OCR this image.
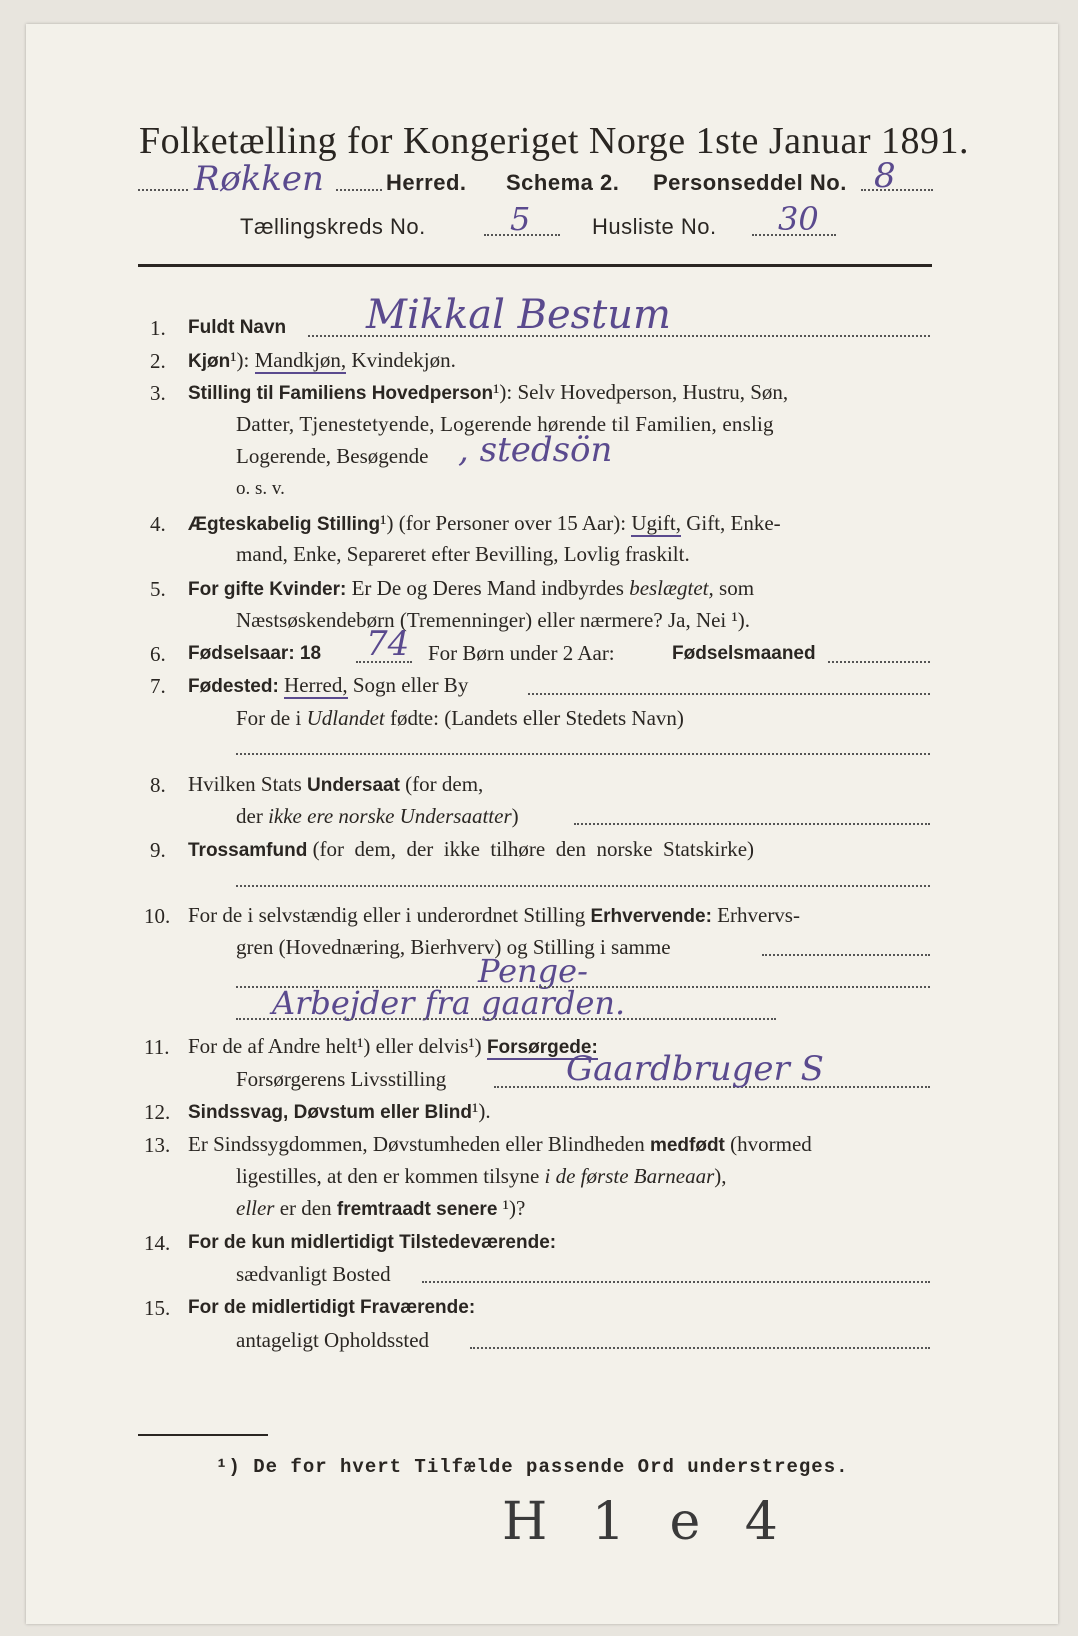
Folketælling for Kongeriget Norge 1ste Januar 1891.
Røkken	Herred. Schema 2. Personseddel No. 8
Tællingskreds No.	5	Husliste No. 30
1. Fuldt Navn Mikkal Bestum
2. Kjøn¹): Mandkjøn, Kvindekjøn.
3. Stilling til Familiens Hovedperson¹): Selv Hovedperson, Hustru, Søn,
Datter, Tjenestetyende, Logerende hørende til Familien, enslig
Logerende, Besøgende , stedsön
o. s. v.
4. Ægteskabelig Stilling¹) (for Personer over 15 Aar): Ugift, Gift, Enke-
mand, Enke, Separeret efter Bevilling, Lovlig fraskilt.
5. For gifte Kvinder: Er De og Deres Mand indbyrdes beslægtet, som
Næstsøskendebørn (Tremenninger) eller nærmere? Ja, Nei ¹).
6. Fødselsaar: 18 74 For Børn under 2 Aar:	Fødselsmaaned
7. Fødested: Herred, Sogn eller By
For de i Udlandet fødte: (Landets eller Stedets Navn)
8. Hvilken Stats Undersaat (for dem,
der ikke ere norske Undersaatter)
9. Trossamfund (for  dem,  der  ikke  tilhøre  den  norske  Statskirke)
10. For de i selvstændig eller i underordnet Stilling Erhvervende: Erhvervs-
gren (Hovednæring, Bierhverv) og Stilling i samme
Penge-
Arbejder fra gaarden.
11. For de af Andre helt¹) eller delvis¹) Forsørgede:
Forsørgerens Livsstilling	Gaardbruger S
12. Sindssvag, Døvstum eller Blind¹).
13. Er Sindssygdommen, Døvstumheden eller Blindheden medfødt (hvormed
ligestilles, at den er kommen tilsyne i de første Barneaar),
eller er den fremtraadt senere ¹)?
14. For de kun midlertidigt Tilstedeværende:
sædvanligt Bosted
15. For de midlertidigt Fraværende:
antageligt Opholdssted
¹) De for hvert Tilfælde passende Ord understreges.
H 1 e 4
